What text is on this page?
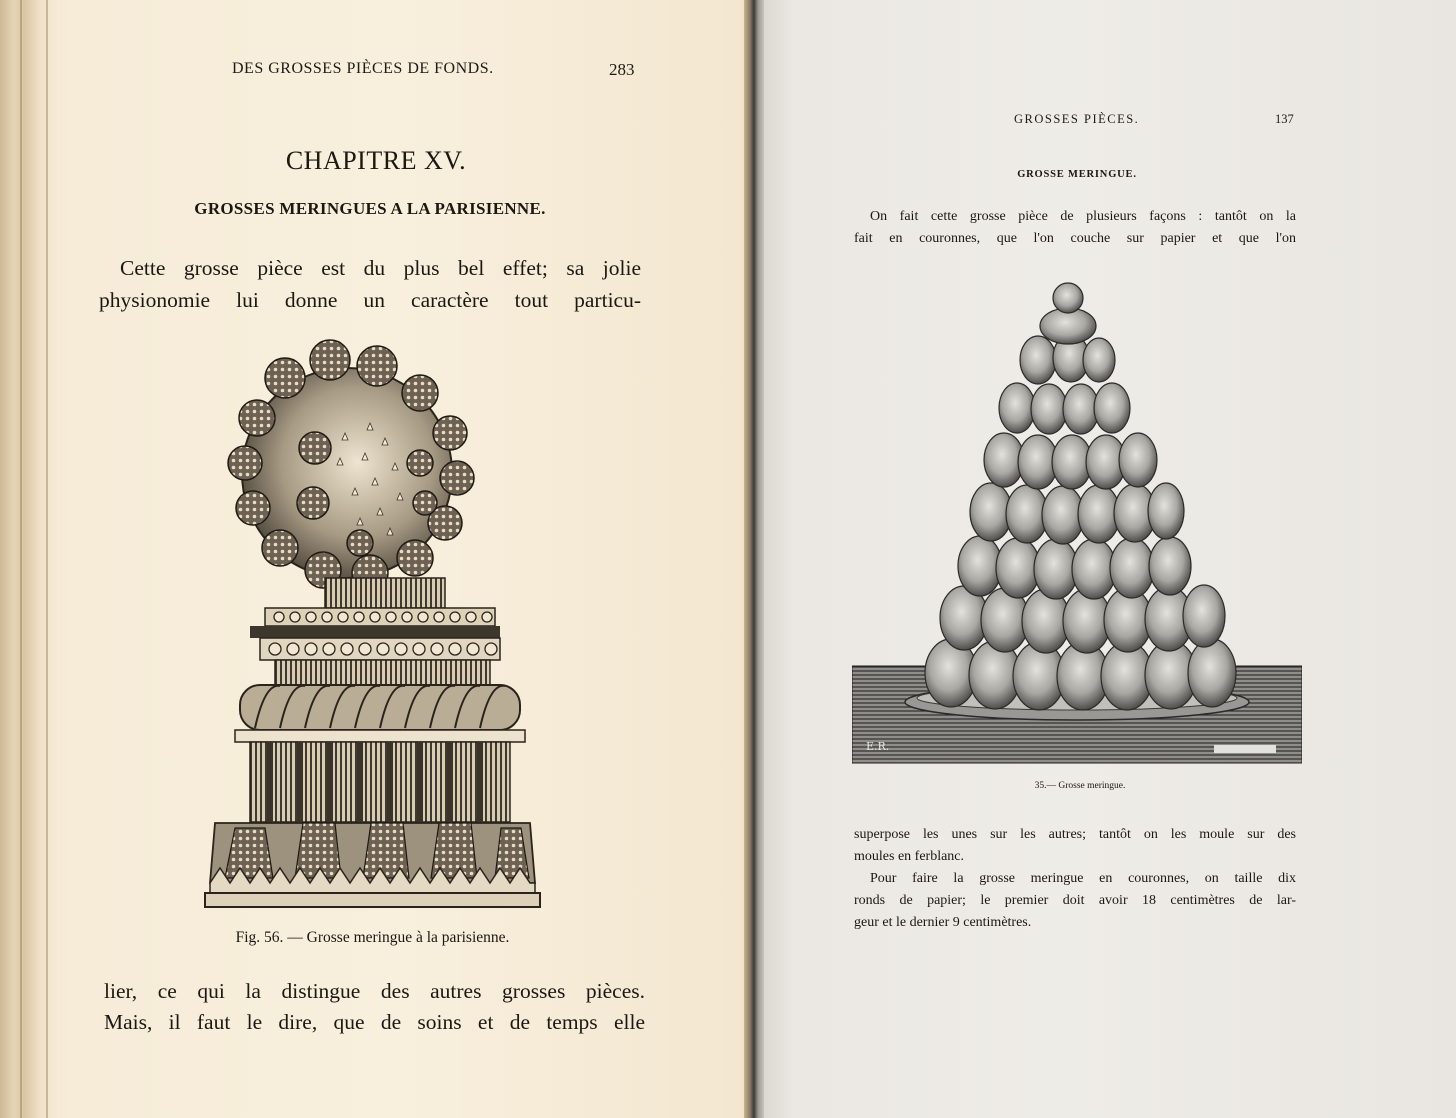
DES GROSSES PIÈCES DE FONDS.	283
CHAPITRE XV.
GROSSES MERINGUES A LA PARISIENNE.
Cette grosse pièce est du plus bel effet; sa jolie
physionomie lui donne un caractère tout particu-
Fig. 56. — Grosse meringue à la parisienne.
lier, ce qui la distingue des autres grosses pièces.
Mais, il faut le dire, que de soins et de temps elle
GROSSES PIÈCES.	137
GROSSE MERINGUE.
On fait cette grosse pièce de plusieurs façons : tantôt on la
fait en couronnes, que l'on couche sur papier et que l'on
E.R.
35.— Grosse meringue.
superpose les unes sur les autres; tantôt on les moule sur des
moules en ferblanc.
Pour faire la grosse meringue en couronnes, on taille dix
ronds de papier; le premier doit avoir 18 centimètres de lar-
geur et le dernier 9 centimètres.
